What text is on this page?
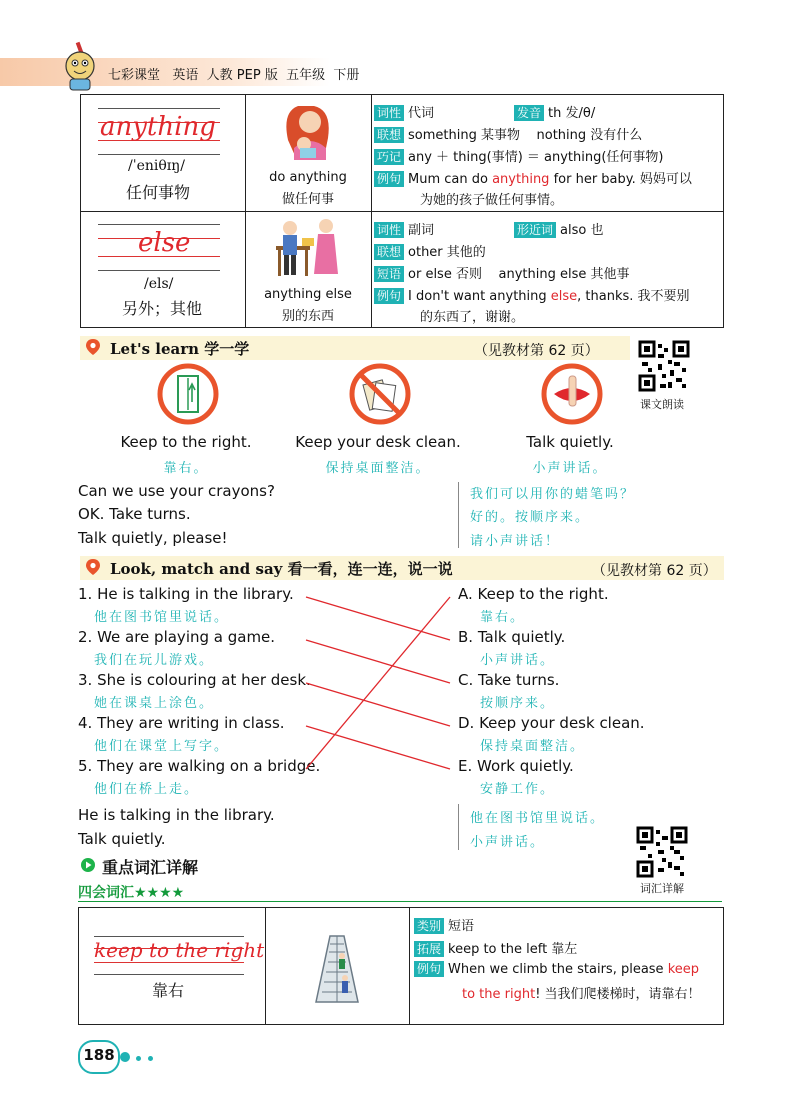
七彩课堂   英语  人教 PEP 版  五年级  下册
anything
/ˈeniθɪŋ/
任何事物
do anything
做任何事
词性 代词	发音 th 发/θ/
联想 something 某事物    nothing 没有什么
巧记 any ＋ thing(事情) ＝ anything(任何事物)
例句 Mum can do anything for her baby. 妈妈可以
为她的孩子做任何事情。
else
/els/
另外；其他
anything else
别的东西
词性 副词	形近词 also 也
联想 other 其他的
短语 or else 否则    anything else 其他事
例句 I don't want anything else, thanks. 我不要别
的东西了，谢谢。
Let's learn 学一学	（见教材第 62 页）
课文朗读
Keep to the right.
靠右。
Keep your desk clean.
保持桌面整洁。
Talk quietly.
小声讲话。
Can we use your crayons?
OK. Take turns.
Talk quietly, please!
我们可以用你的蜡笔吗？
好的。按顺序来。
请小声讲话！
Look, match and say 看一看，连一连，说一说	（见教材第 62 页）
1. He is talking in the library.
他在图书馆里说话。
2. We are playing a game.
我们在玩儿游戏。
3. She is colouring at her desk.
她在课桌上涂色。
4. They are writing in class.
他们在课堂上写字。
5. They are walking on a bridge.
他们在桥上走。
A. Keep to the right.
靠右。
B. Talk quietly.
小声讲话。
C. Take turns.
按顺序来。
D. Keep your desk clean.
保持桌面整洁。
E. Work quietly.
安静工作。
He is talking in the library.
Talk quietly.
他在图书馆里说话。
小声讲话。
重点词汇详解
四会词汇★★★★	词汇详解
keep to the right
靠右
类别 短语
拓展 keep to the left 靠左
例句 When we climb the stairs, please keep
to the right! 当我们爬楼梯时，请靠右！
188
